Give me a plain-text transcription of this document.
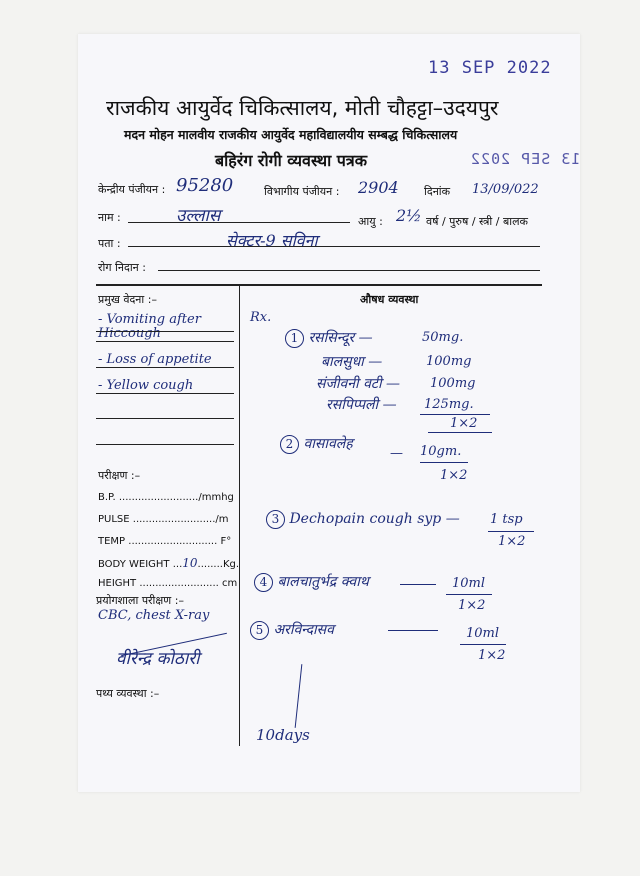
13 SEP 2022
13 SEP 2022
राजकीय आयुर्वेद चिकित्सालय, मोती चौहट्टा–उदयपुर
मदन मोहन मालवीय राजकीय आयुर्वेद महाविद्यालयीय सम्बद्ध चिकित्सालय
बहिरंग रोगी व्यवस्था पत्रक
केन्द्रीय पंजीयन : 95280	विभागीय पंजीयन : 2904 दिनांक 13/09/022
नाम :	उल्लास	आयु : 2½ वर्ष / पुरुष / स्त्री / बालक
पता :	सेक्टर-9 सविना
रोग निदान :
प्रमुख वेदना :–
- Vomiting after Hiccough
- Loss of appetite
- Yellow cough
परीक्षण :–
B.P. ........................./mmhg
PULSE ........................../m
TEMP ............................ F°
BODY WEIGHT ...10........Kg.
HEIGHT ......................... cm
प्रयोगशाला परीक्षण :–
CBC, chest X-ray
वीरेन्द्र कोठारी
पथ्य व्यवस्था :–
औषध व्यवस्था
Rx.
1 रससिन्दूर —	50mg.
बालसुधा —	100mg
संजीवनी वटी — 100mg
रसपिप्पली — 125mg.
1×2
2 वासावलेह
— 10gm.
1×2
3 Dechopain cough syp — 1 tsp
1×2
4 बालचातुर्भद्र क्वाथ	10ml
1×2
5 अरविन्दासव	10ml
1×2
10days
